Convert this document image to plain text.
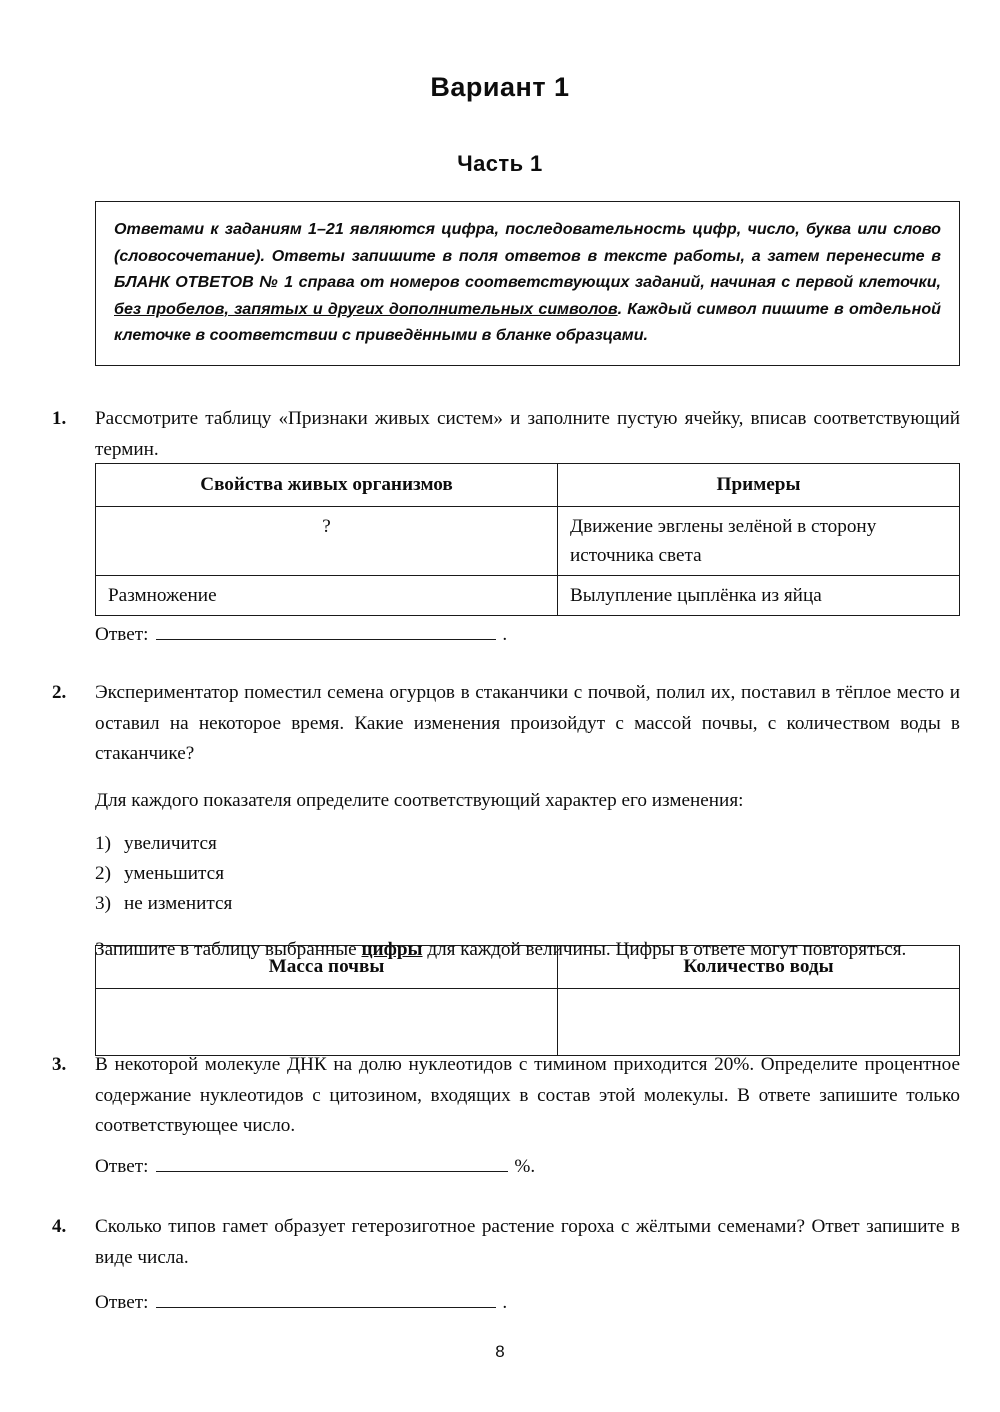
Вариант 1
Часть 1

Ответами к заданиям 1–21 являются цифра, последовательность цифр, число, буква или слово (словосочетание). Ответы запишите в поля ответов в тексте работы, а затем перенесите в БЛАНК ОТВЕТОВ № 1 справа от номеров соответствующих заданий, начиная с первой клеточки, без пробелов, запятых и других дополнительных символов. Каждый символ пишите в отдельной клеточке в соответствии с приведёнными в бланке образцами.

1.	Рассмотрите таблицу «Признаки живых систем» и заполните пустую ячейку, вписав соответствующий термин.

Свойства живых организмов	Примеры
?	Движение эвглены зелёной в сторону источника света
Размножение	Вылупление цыплёнка из яйца
Ответ:	.
2.	Экспериментатор поместил семена огурцов в стаканчики с почвой, полил их, поставил в тёплое место и оставил на некоторое время. Какие изменения произойдут с массой почвы, с количеством воды в стаканчике?

Для каждого показателя определите соответствующий характер его изменения:

1) увеличится
2) уменьшится
3) не изменится

Запишите в таблицу выбранные цифры для каждой величины. Цифры в ответе могут повторяться.

Масса почвы	Количество воды

3.	В некоторой молекуле ДНК на долю нуклеотидов с тимином приходится 20%. Определите процентное содержание нуклеотидов с цитозином, входящих в состав этой молекулы. В ответе запишите только соответствующее число.

Ответ:	%.
4.	Сколько типов гамет образует гетерозиготное растение гороха с жёлтыми семенами? Ответ запишите в виде числа.

Ответ:	.
8
